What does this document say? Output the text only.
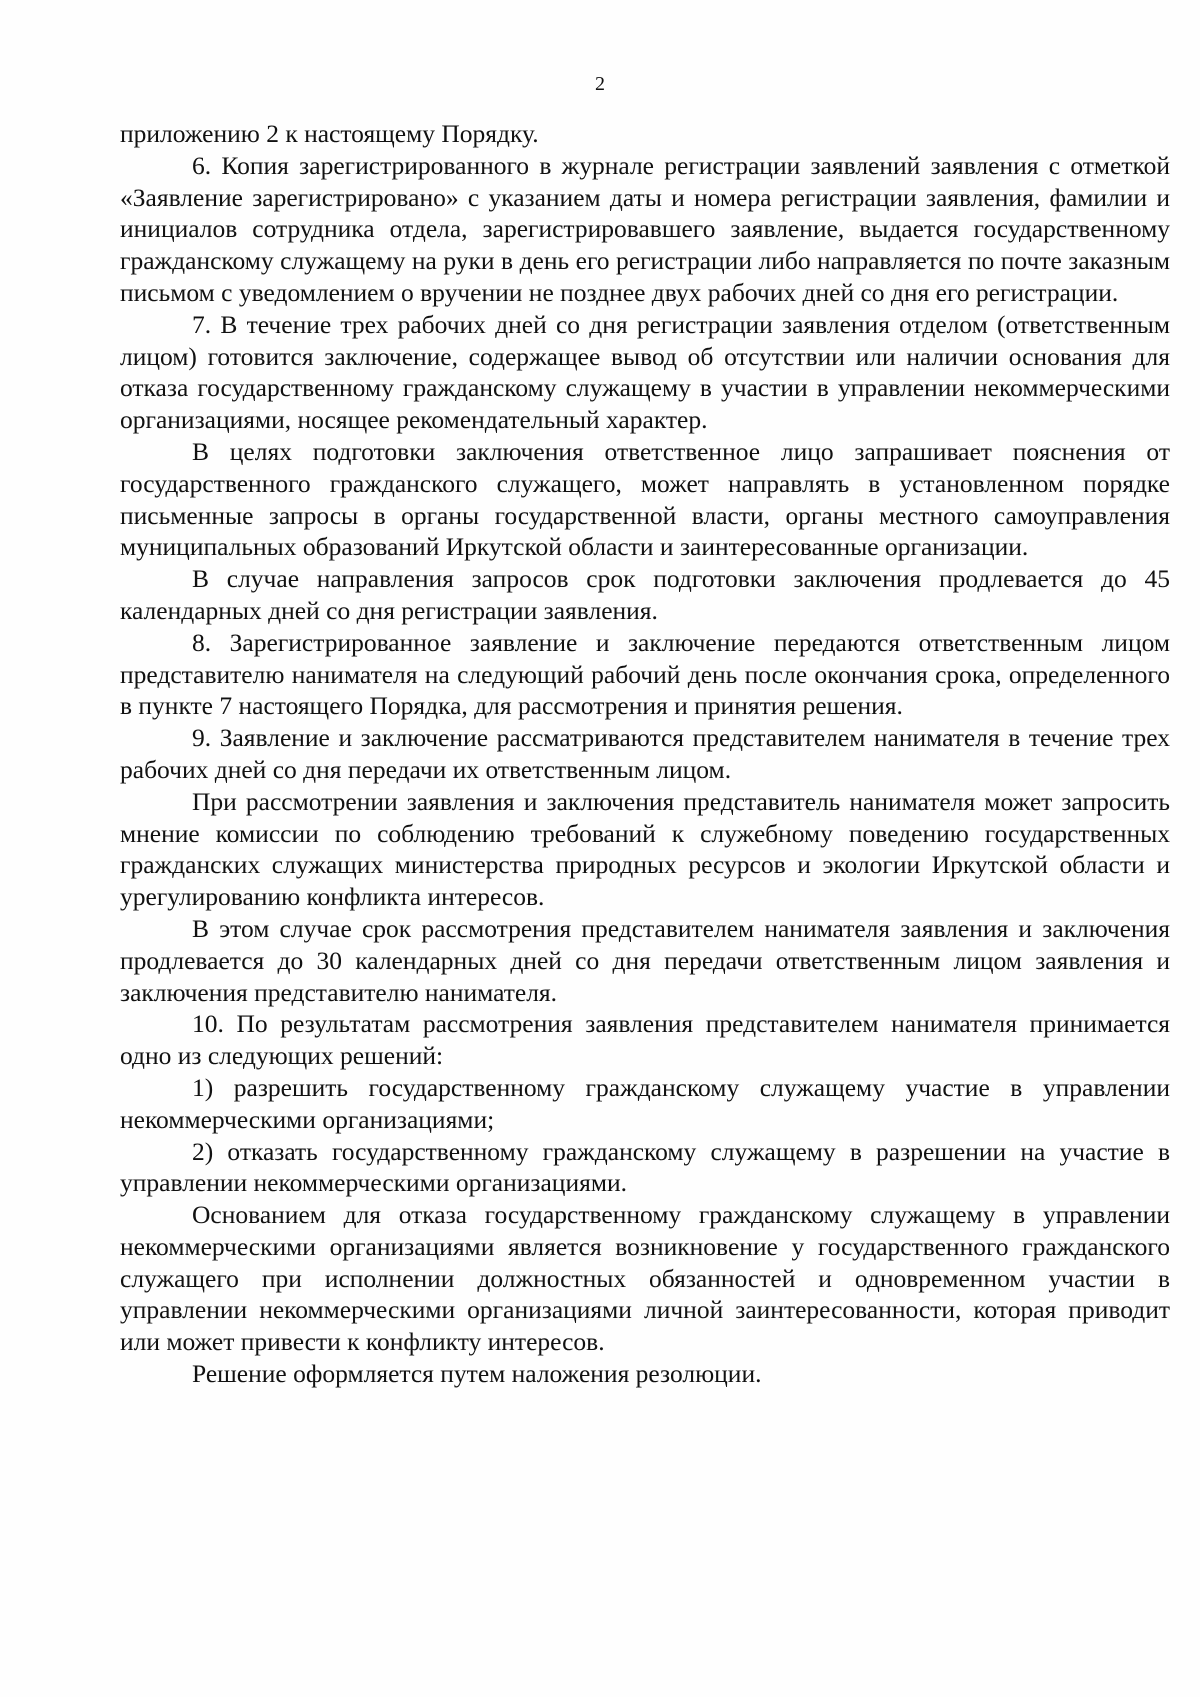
2

приложению 2 к настоящему Порядку.

6. Копия зарегистрированного в журнале регистрации заявлений заявления с отметкой «Заявление зарегистрировано» с указанием даты и номера регистрации заявления, фамилии и инициалов сотрудника отдела, зарегистрировавшего заявление, выдается государственному гражданскому служащему на руки в день его регистрации либо направляется по почте заказным письмом с уведомлением о вручении не позднее двух рабочих дней со дня его регистрации.

7. В течение трех рабочих дней со дня регистрации заявления отделом (ответственным лицом) готовится заключение, содержащее вывод об отсутствии или наличии основания для отказа государственному гражданскому служащему в участии в управлении некоммерческими организациями, носящее рекомендательный характер.

В целях подготовки заключения ответственное лицо запрашивает пояснения от государственного гражданского служащего, может направлять в установленном порядке письменные запросы в органы государственной власти, органы местного самоуправления муниципальных образований Иркутской области и заинтересованные организации.

В случае направления запросов срок подготовки заключения продлевается до 45 календарных дней со дня регистрации заявления.

8. Зарегистрированное заявление и заключение передаются ответственным лицом представителю нанимателя на следующий рабочий день после окончания срока, определенного в пункте 7 настоящего Порядка, для рассмотрения и принятия решения.

9. Заявление и заключение рассматриваются представителем нанимателя в течение трех рабочих дней со дня передачи их ответственным лицом.

При рассмотрении заявления и заключения представитель нанимателя может запросить мнение комиссии по соблюдению требований к служебному поведению государственных гражданских служащих министерства природных ресурсов и экологии Иркутской области и урегулированию конфликта интересов.

В этом случае срок рассмотрения представителем нанимателя заявления и заключения продлевается до 30 календарных дней со дня передачи ответственным лицом заявления и заключения представителю нанимателя.

10. По результатам рассмотрения заявления представителем нанимателя принимается одно из следующих решений:

1) разрешить государственному гражданскому служащему участие в управлении некоммерческими организациями;

2) отказать государственному гражданскому служащему в разрешении на участие в управлении некоммерческими организациями.

Основанием для отказа государственному гражданскому служащему в управлении некоммерческими организациями является возникновение у государственного гражданского служащего при исполнении должностных обязанностей и одновременном участии в управлении некоммерческими организациями личной заинтересованности, которая приводит или может привести к конфликту интересов.

Решение оформляется путем наложения резолюции.
